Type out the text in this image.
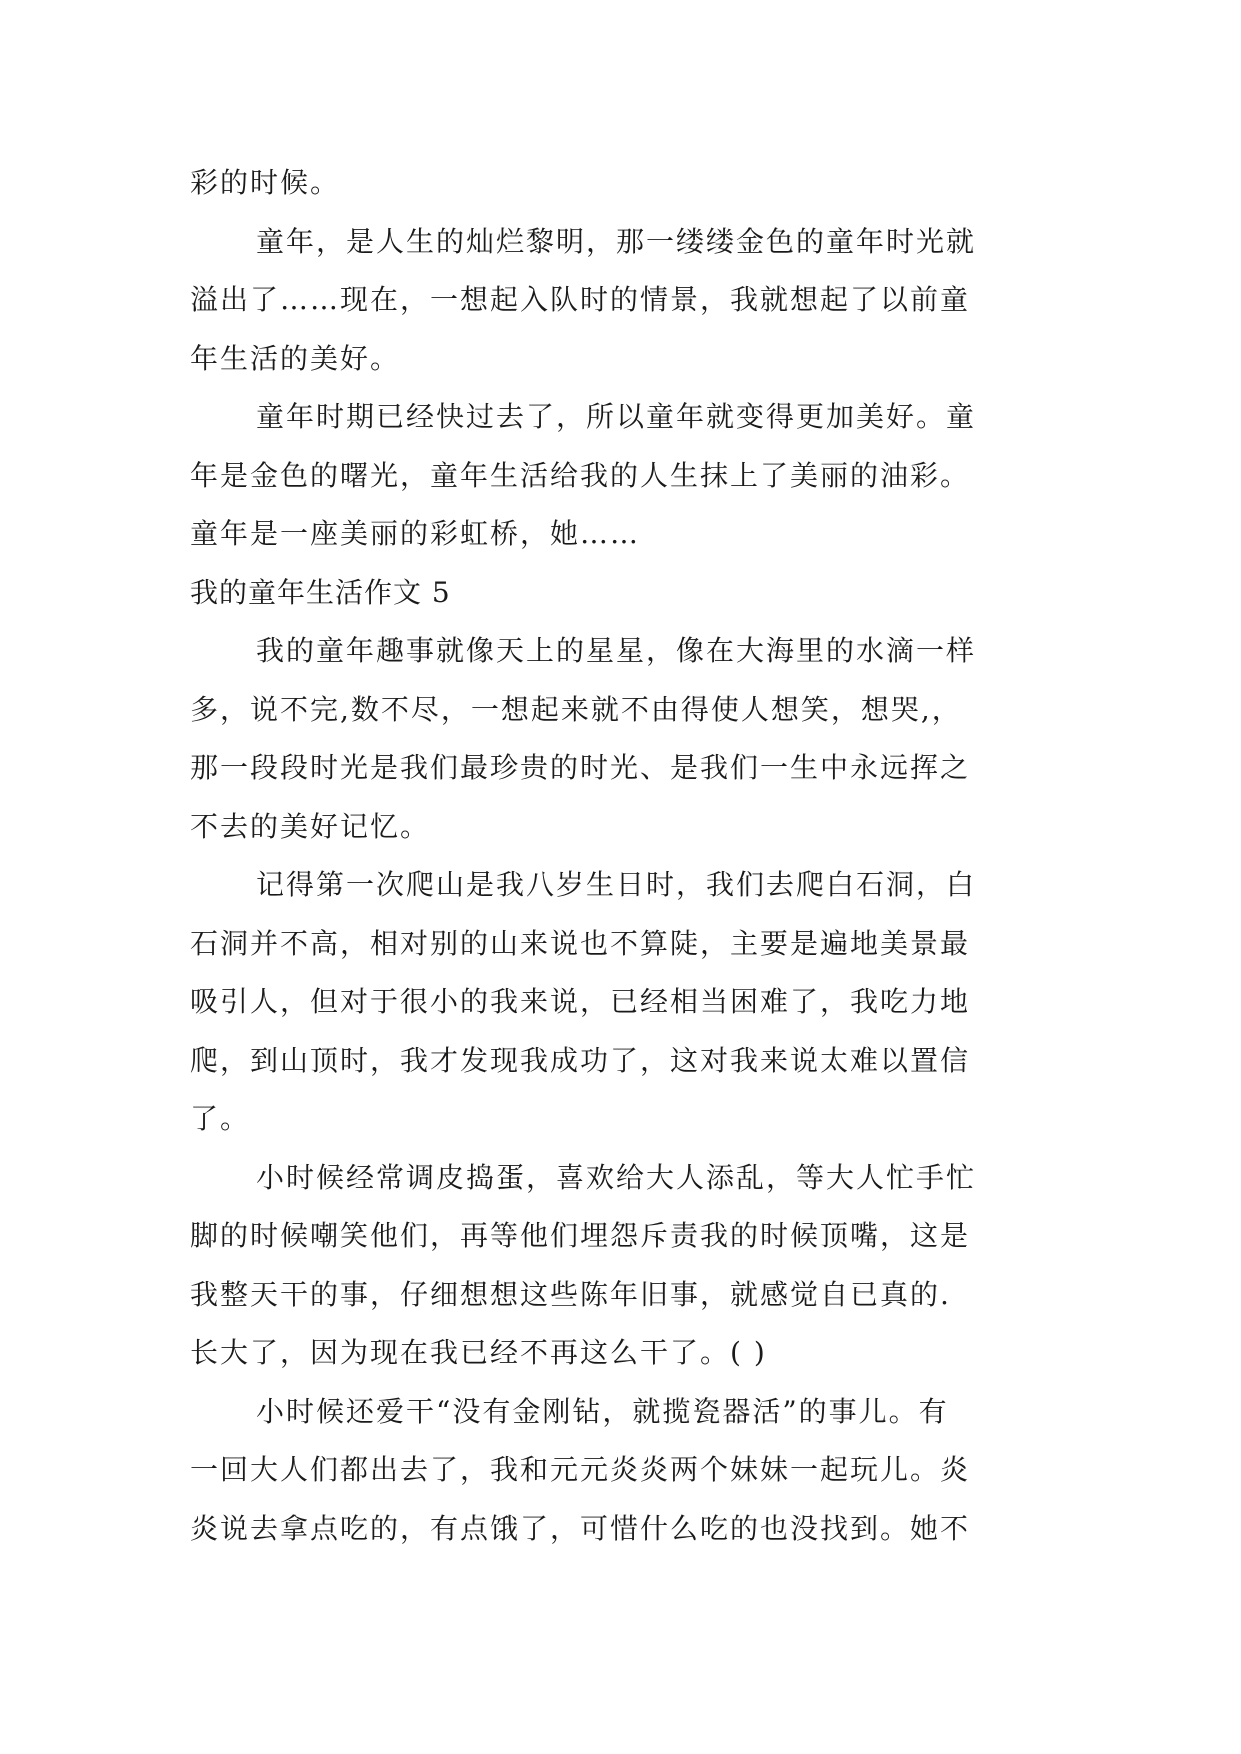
彩的时候。
童年，是人生的灿烂黎明，那一缕缕金色的童年时光就
溢出了……现在，一想起入队时的情景，我就想起了以前童
年生活的美好。
童年时期已经快过去了，所以童年就变得更加美好。童
年是金色的曙光，童年生活给我的人生抹上了美丽的油彩。
童年是一座美丽的彩虹桥，她……
我的童年生活作文 5
我的童年趣事就像天上的星星，像在大海里的水滴一样
多，说不完,数不尽，一想起来就不由得使人想笑，想哭,，
那一段段时光是我们最珍贵的时光、是我们一生中永远挥之
不去的美好记忆。
记得第一次爬山是我八岁生日时，我们去爬白石洞，白
石洞并不高，相对别的山来说也不算陡，主要是遍地美景最
吸引人，但对于很小的我来说，已经相当困难了，我吃力地
爬，到山顶时，我才发现我成功了，这对我来说太难以置信
了。
小时候经常调皮捣蛋，喜欢给大人添乱，等大人忙手忙
脚的时候嘲笑他们，再等他们埋怨斥责我的时候顶嘴，这是
我整天干的事，仔细想想这些陈年旧事，就感觉自已真的.
长大了，因为现在我已经不再这么干了。( )
小时候还爱干“没有金刚钻，就揽瓷器活”的事儿。有
一回大人们都出去了，我和元元炎炎两个妹妹一起玩儿。炎
炎说去拿点吃的，有点饿了，可惜什么吃的也没找到。她不
